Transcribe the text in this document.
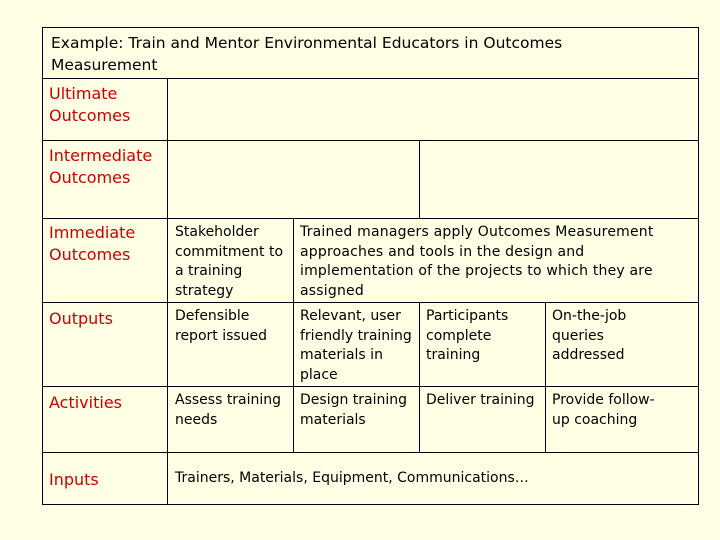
Example: Train and Mentor Environmental Educators in Outcomes Measurement
Ultimate Outcomes
Intermediate Outcomes
Immediate Outcomes
Outputs
Activities
Inputs
Stakeholder commitment to a training strategy
Trained managers apply Outcomes Measurement approaches and tools in the design and implementation of the projects to which they are assigned
Defensible report issued
Relevant, user friendly training materials in place
Participants complete training
On-the-job queries addressed
Assess training needs
Design training materials
Deliver training	Provide follow-up coaching
Trainers, Materials, Equipment, Communications…
